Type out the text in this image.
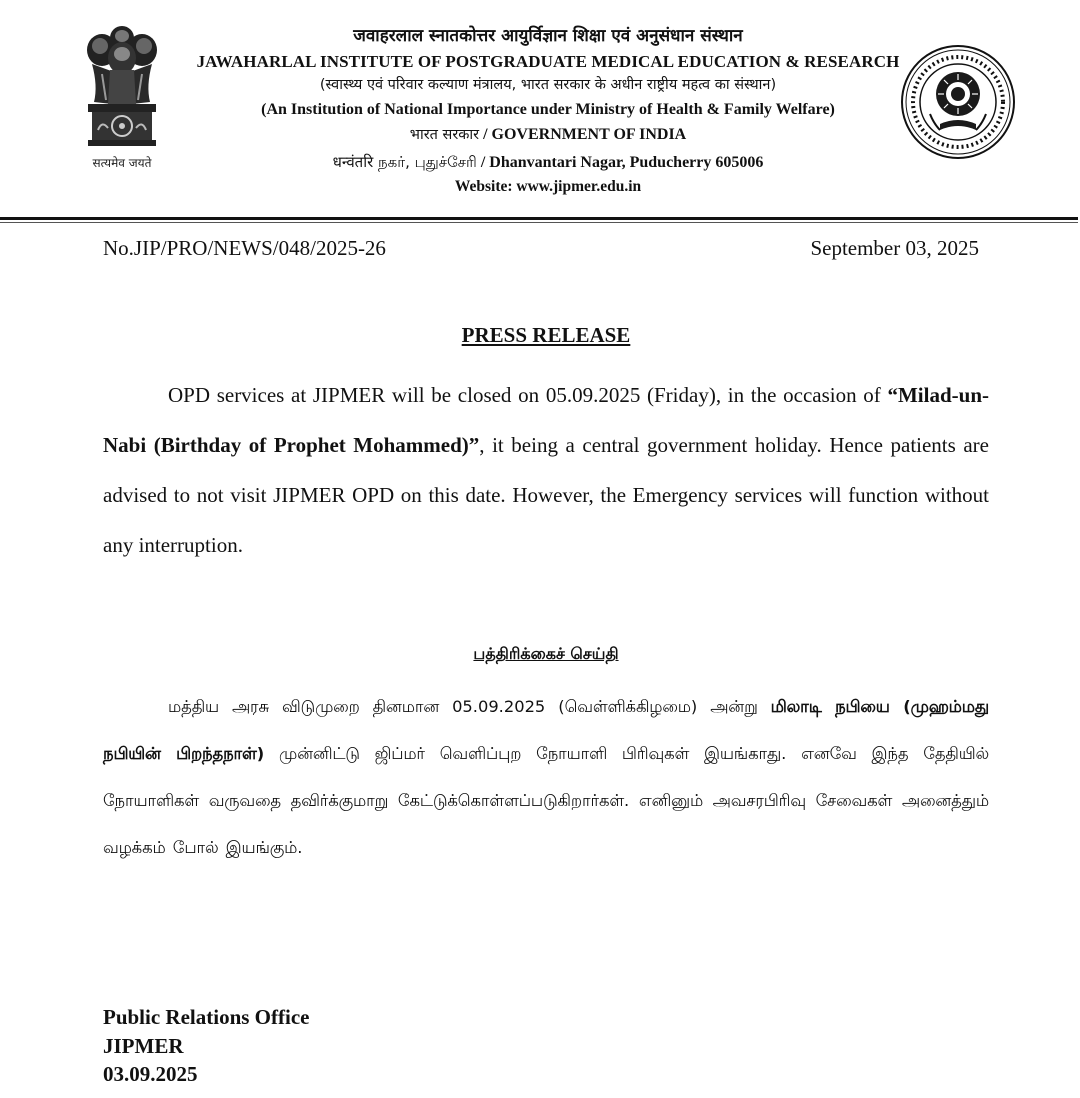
सत्यमेव जयते
जवाहरलाल स्नातकोत्तर आयुर्विज्ञान शिक्षा एवं अनुसंधान संस्थान
JAWAHARLAL INSTITUTE OF POSTGRADUATE MEDICAL EDUCATION & RESEARCH
(स्वास्थ्य एवं परिवार कल्याण मंत्रालय, भारत सरकार के अधीन राष्ट्रीय महत्व का संस्थान)
(An Institution of National Importance under Ministry of Health & Family Welfare)
भारत सरकार / GOVERNMENT OF INDIA
धन्वंतरि நகர், புதுச்சேரி / Dhanvantari Nagar, Puducherry 605006
Website: www.jipmer.edu.in
No.JIP/PRO/NEWS/048/2025-26	September 03, 2025
PRESS RELEASE

OPD services at JIPMER will be closed on 05.09.2025 (Friday), in the occasion of “Milad-un-Nabi (Birthday of Prophet Mohammed)”, it being a central government holiday. Hence patients are advised to not visit JIPMER OPD on this date. However, the Emergency services will function without any interruption.

பத்திரிக்கைச் செய்தி

மத்திய அரசு விடுமுறை தினமான 05.09.2025 (வெள்ளிக்கிழமை) அன்று மிலாடி நபியை (முஹம்மது நபியின் பிறந்தநாள்) முன்னிட்டு ஜிப்மர் வெளிப்புற நோயாளி பிரிவுகள் இயங்காது. எனவே இந்த தேதியில் நோயாளிகள் வருவதை தவிர்க்குமாறு கேட்டுக்கொள்ளப்படுகிறார்கள். எனினும் அவசரபிரிவு சேவைகள் அனைத்தும் வழக்கம் போல் இயங்கும்.

Public Relations Office
JIPMER
03.09.2025
